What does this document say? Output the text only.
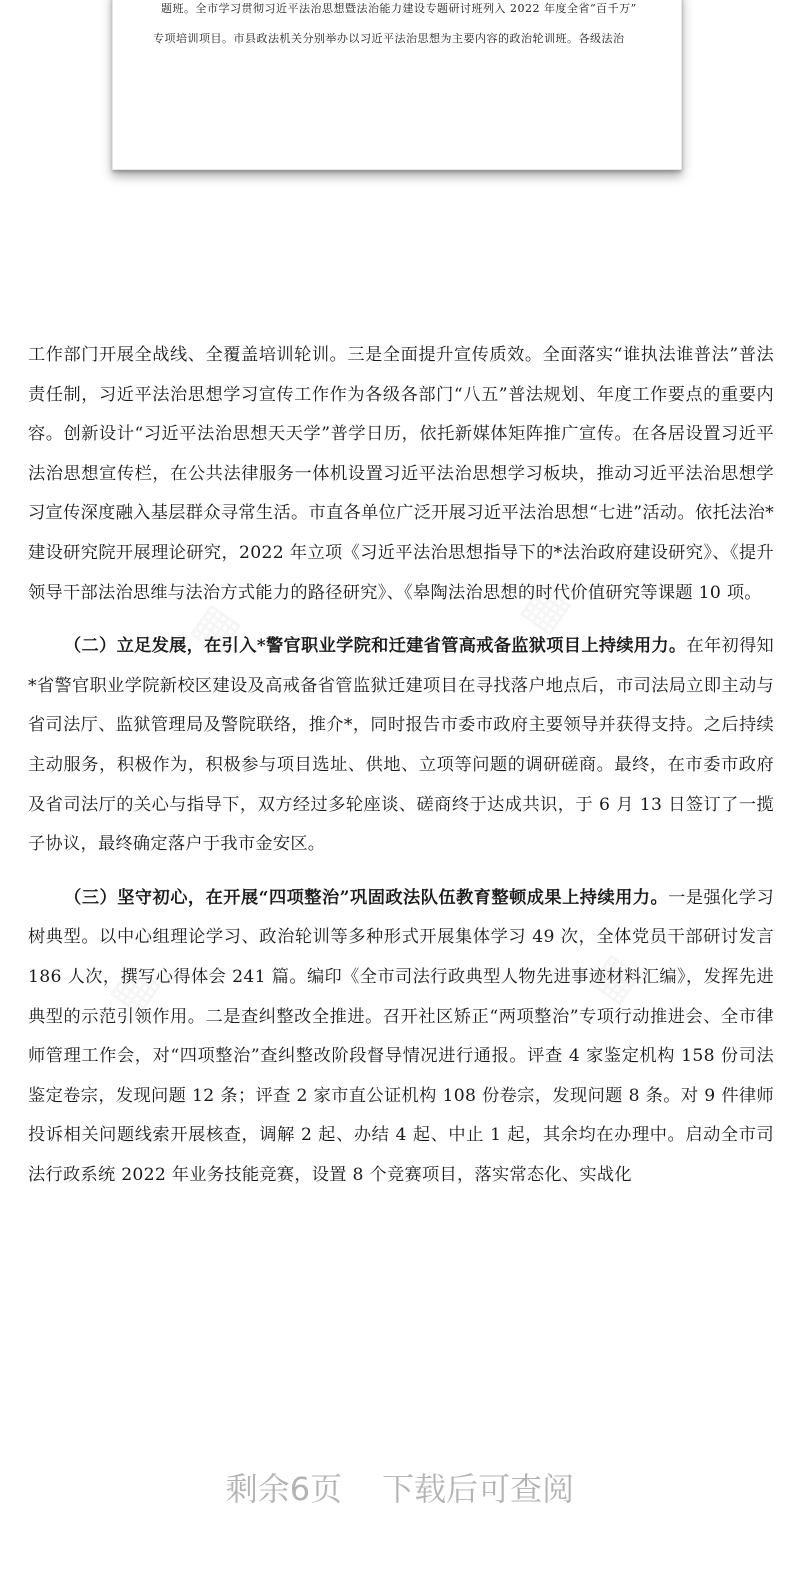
题班。全市学习贯彻习近平法治思想暨法治能力建设专题研讨班列入 2022 年度全省“百千万”

专项培训项目。市县政法机关分别举办以习近平法治思想为主要内容的政治轮训班。各级法治

工作部门开展全战线、全覆盖培训轮训。三是全面提升宣传质效。全面落实“谁执法谁普法”普法责任制，习近平法治思想学习宣传工作作为各级各部门“八五”普法规划、年度工作要点的重要内容。创新设计“习近平法治思想天天学”普学日历，依托新媒体矩阵推广宣传。在各居设置习近平法治思想宣传栏，在公共法律服务一体机设置习近平法治思想学习板块，推动习近平法治思想学习宣传深度融入基层群众寻常生活。市直各单位广泛开展习近平法治思想“七进”活动。依托法治*建设研究院开展理论研究，2022 年立项《习近平法治思想指导下的*法治政府建设研究》、《提升领导干部法治思维与法治方式能力的路径研究》、《皋陶法治思想的时代价值研究等课题 10 项。

（二）立足发展，在引入*警官职业学院和迁建省管高戒备监狱项目上持续用力。在年初得知*省警官职业学院新校区建设及高戒备省管监狱迁建项目在寻找落户地点后，市司法局立即主动与省司法厅、监狱管理局及警院联络，推介*，同时报告市委市政府主要领导并获得支持。之后持续主动服务，积极作为，积极参与项目选址、供地、立项等问题的调研磋商。最终，在市委市政府及省司法厅的关心与指导下，双方经过多轮座谈、磋商终于达成共识，于 6 月 13 日签订了一揽子协议，最终确定落户于我市金安区。

（三）坚守初心，在开展“四项整治”巩固政法队伍教育整顿成果上持续用力。一是强化学习树典型。以中心组理论学习、政治轮训等多种形式开展集体学习 49 次，全体党员干部研讨发言 186 人次，撰写心得体会 241 篇。编印《全市司法行政典型人物先进事迹材料汇编》，发挥先进典型的示范引领作用。二是查纠整改全推进。召开社区矫正“两项整治”专项行动推进会、全市律师管理工作会，对“四项整治”查纠整改阶段督导情况进行通报。评查 4 家鉴定机构 158 份司法鉴定卷宗，发现问题 12 条；评查 2 家市直公证机构 108 份卷宗，发现问题 8 条。对 9 件律师投诉相关问题线索开展核查，调解 2 起、办结 4 起、中止 1 起，其余均在办理中。启动全市司法行政系统 2022 年业务技能竞赛，设置 8 个竞赛项目，落实常态化、实战化

剩余6页 下载后可查阅
